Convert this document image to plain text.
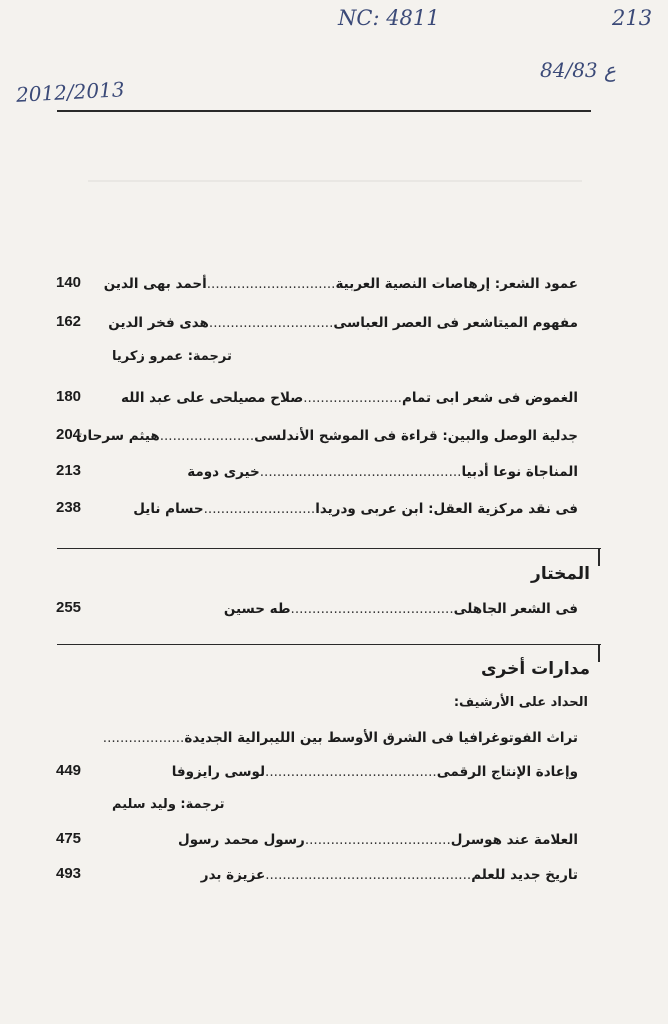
NC: 4811	213
2012/2013
84/83 ع
140	عمود الشعر: إرهاصات النصية العربية..............................أحمد بهى الدين
162	مفهوم الميتاشعر فى العصر العباسى.............................هدى فخر الدين
ترجمة: عمرو زكريا
180	الغموض فى شعر ابى تمام.......................صلاح مصيلحى على عبد الله
204	جدلية الوصل والبين: قراءة فى الموشح الأندلسى......................هيثم سرحان
213	المناجاة نوعا أدبيا...............................................خيرى دومة
238	فى نقد مركزية العقل: ابن عربى ودريدا..........................حسام نايل
المختار
255	فى الشعر الجاهلى......................................طه حسين
مدارات أخرى
الحداد على الأرشيف:
تراث الفوتوغرافيا فى الشرق الأوسط بين الليبرالية الجديدة...................
449	وإعادة الإنتاج الرقمى........................................لوسى رايزوفا
ترجمة: وليد سليم
475	العلامة عند هوسرل..................................رسول محمد رسول
493	تاريخ جديد للعلم................................................عزيزة بدر
